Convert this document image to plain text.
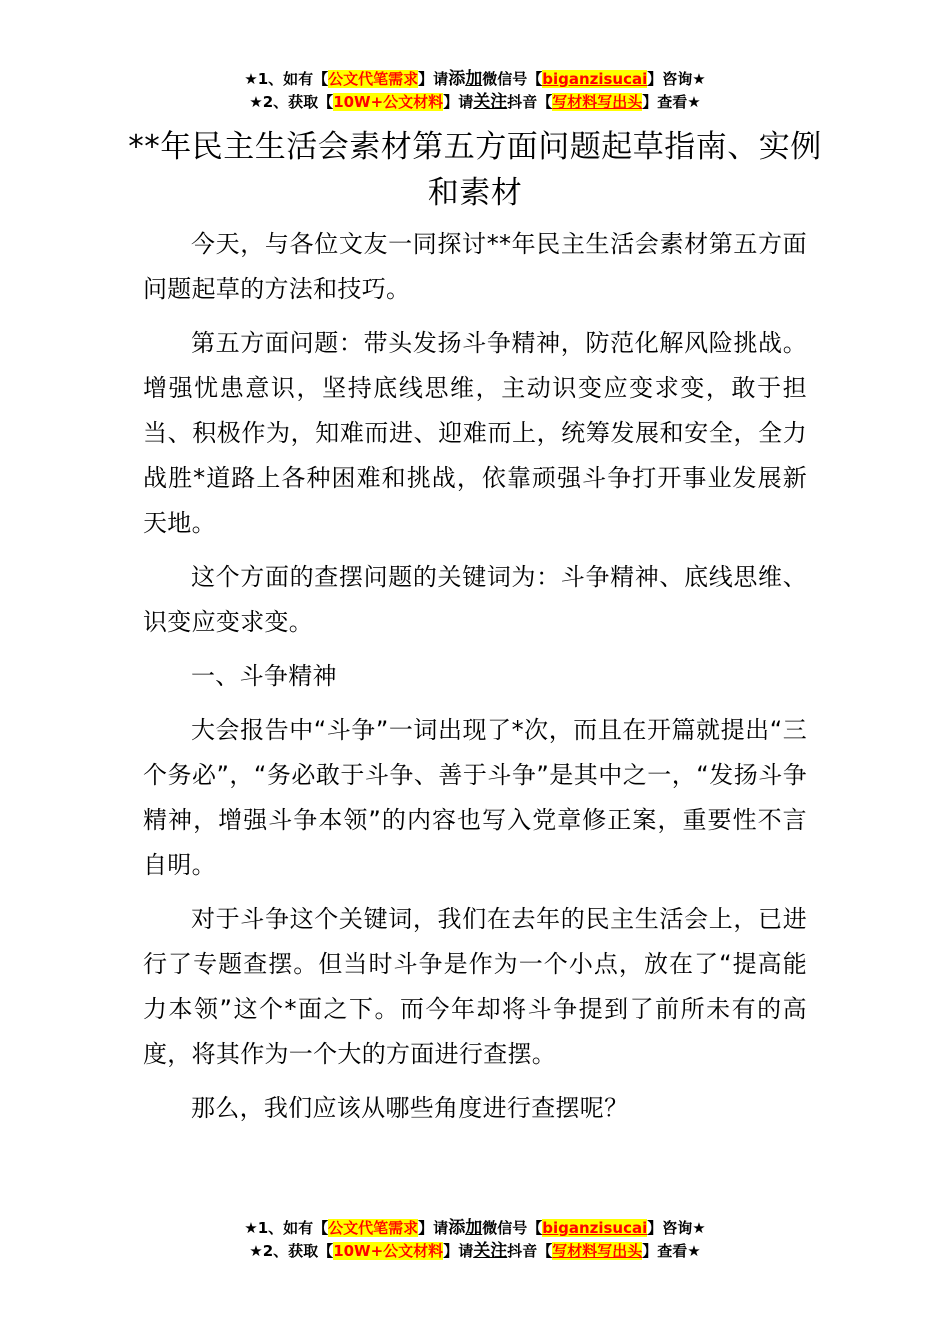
★1、如有【公文代笔需求】请添加微信号【biganzisucai】咨询★
★2、获取【10W+公文材料】请关注抖音【写材料写出头】查看★
**年民主生活会素材第五方面问题起草指南、实例和素材

今天，与各位文友一同探讨**年民主生活会素材第五方面问题起草的方法和技巧。

第五方面问题：带头发扬斗争精神，防范化解风险挑战。增强忧患意识，坚持底线思维，主动识变应变求变，敢于担当、积极作为，知难而进、迎难而上，统筹发展和安全，全力战胜*道路上各种困难和挑战，依靠顽强斗争打开事业发展新天地。

这个方面的查摆问题的关键词为：斗争精神、底线思维、识变应变求变。

一、斗争精神

大会报告中“斗争”一词出现了*次，而且在开篇就提出“三个务必”，“务必敢于斗争、善于斗争”是其中之一，“发扬斗争精神，增强斗争本领”的内容也写入党章修正案，重要性不言自明。

对于斗争这个关键词，我们在去年的民主生活会上，已进行了专题查摆。但当时斗争是作为一个小点，放在了“提高能力本领”这个*面之下。而今年却将斗争提到了前所未有的高度，将其作为一个大的方面进行查摆。

那么，我们应该从哪些角度进行查摆呢？

★1、如有【公文代笔需求】请添加微信号【biganzisucai】咨询★
★2、获取【10W+公文材料】请关注抖音【写材料写出头】查看★
